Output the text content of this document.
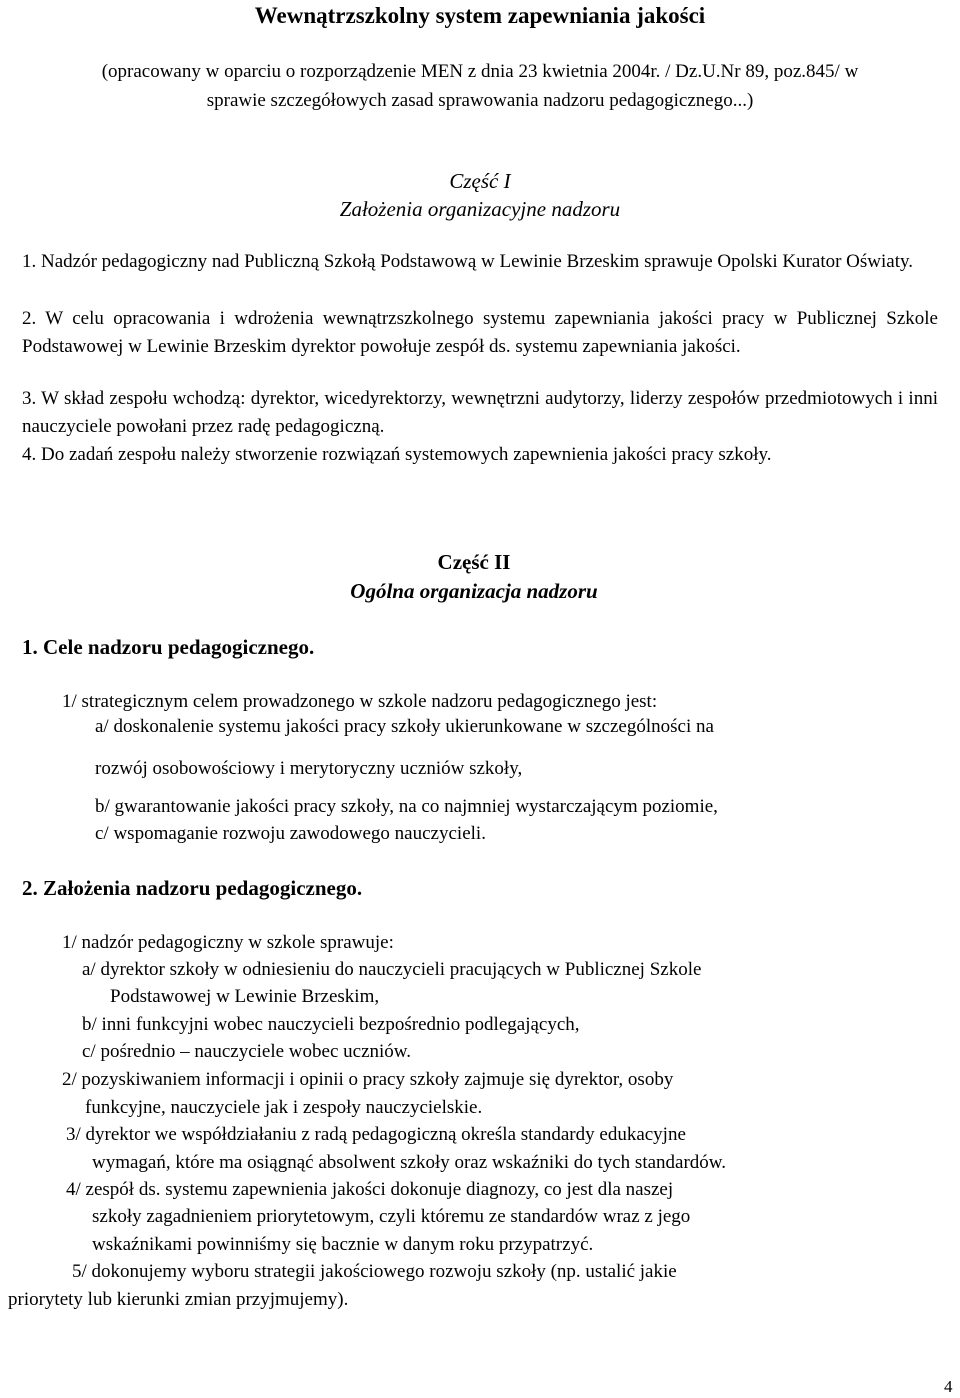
Wewnątrzszkolny system zapewniania jakości
(opracowany w oparciu o rozporządzenie MEN z dnia 23 kwietnia 2004r. / Dz.U.Nr 89, poz.845/ w
sprawie szczegółowych zasad sprawowania nadzoru pedagogicznego...)
Część I
Założenia organizacyjne nadzoru
1. Nadzór pedagogiczny nad Publiczną Szkołą Podstawową w Lewinie Brzeskim sprawuje Opolski Kurator Oświaty.
2. W celu opracowania i wdrożenia wewnątrzszkolnego systemu zapewniania jakości pracy w Publicznej Szkole Podstawowej w Lewinie Brzeskim dyrektor powołuje zespół ds. systemu zapewniania jakości.
3. W skład zespołu wchodzą: dyrektor, wicedyrektorzy, wewnętrzni audytorzy, liderzy zespołów przedmiotowych i inni nauczyciele powołani przez radę pedagogiczną.
4. Do zadań zespołu należy stworzenie rozwiązań systemowych zapewnienia jakości pracy szkoły.
Część II
Ogólna organizacja nadzoru
1. Cele nadzoru pedagogicznego.
1/ strategicznym celem prowadzonego w szkole nadzoru pedagogicznego jest:
a/ doskonalenie systemu jakości pracy szkoły ukierunkowane w szczególności na
rozwój osobowościowy i merytoryczny uczniów szkoły,
b/ gwarantowanie jakości pracy szkoły, na co najmniej wystarczającym poziomie,
c/ wspomaganie rozwoju zawodowego nauczycieli.
2. Założenia nadzoru pedagogicznego.
1/ nadzór pedagogiczny w szkole sprawuje:
a/ dyrektor szkoły w odniesieniu do nauczycieli pracujących w Publicznej Szkole
Podstawowej w Lewinie Brzeskim,
b/ inni funkcyjni wobec nauczycieli bezpośrednio podlegających,
c/ pośrednio – nauczyciele wobec uczniów.
2/ pozyskiwaniem informacji i opinii o pracy szkoły zajmuje się dyrektor, osoby
funkcyjne, nauczyciele jak i zespoły nauczycielskie.
3/ dyrektor we współdziałaniu z radą pedagogiczną określa standardy edukacyjne
wymagań, które ma osiągnąć absolwent szkoły oraz wskaźniki do tych standardów.
4/ zespół ds. systemu zapewnienia jakości dokonuje diagnozy, co jest dla naszej
szkoły zagadnieniem priorytetowym, czyli któremu ze standardów wraz z jego
wskaźnikami powinniśmy się bacznie w danym roku przypatrzyć.
5/ dokonujemy wyboru strategii jakościowego rozwoju szkoły (np. ustalić jakie
priorytety lub kierunki zmian przyjmujemy).
4
